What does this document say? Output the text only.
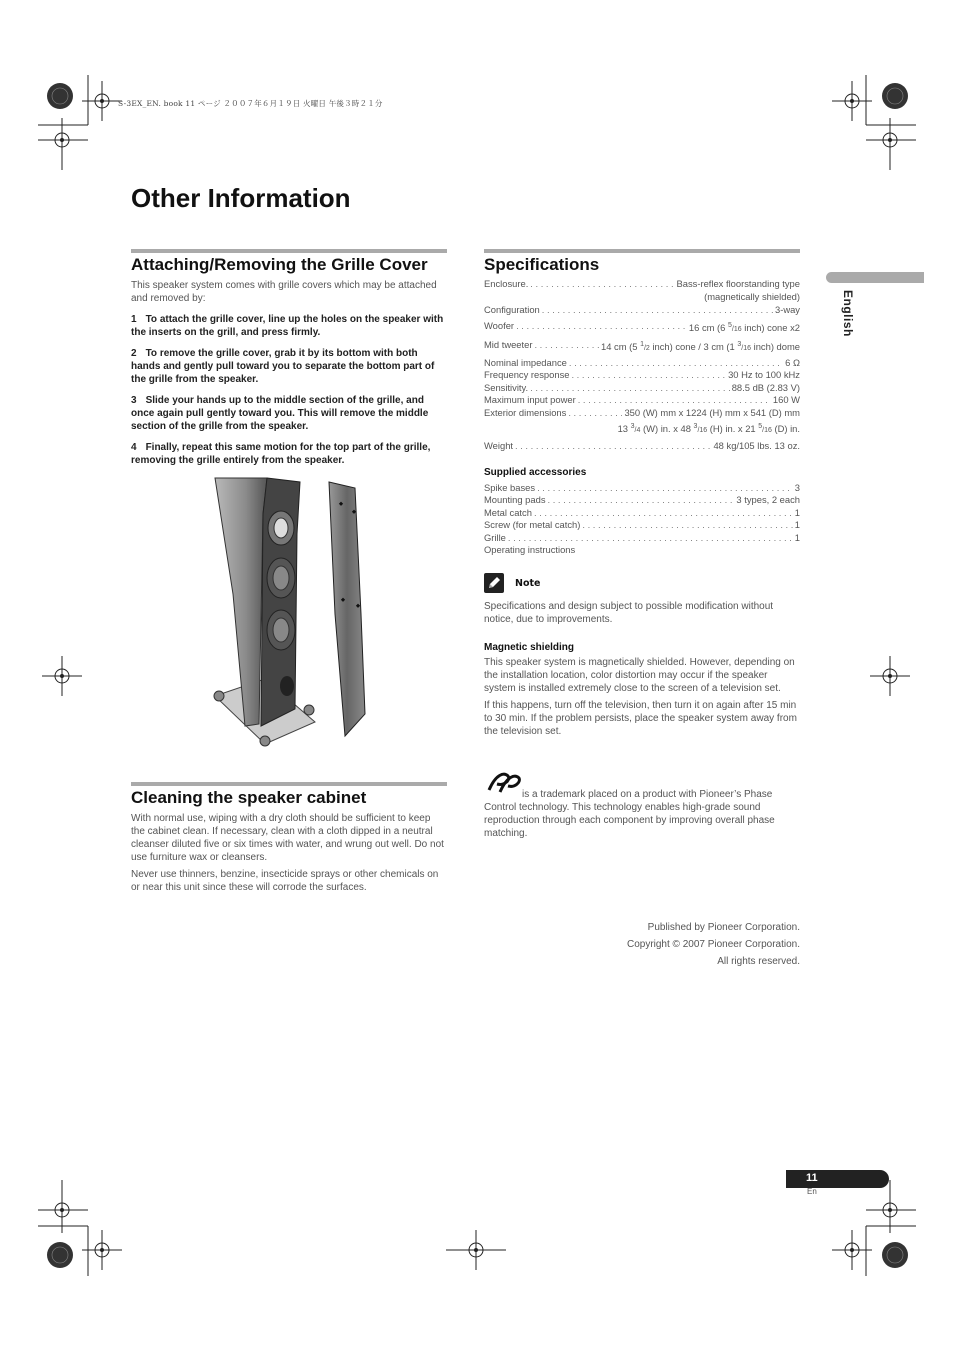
S-3EX_EN. book 11 ページ ２００７年６月１９日 火曜日 午後３時２１分
Other Information
Attaching/Removing the Grille Cover

This speaker system comes with grille covers which may be attached and removed by:

1 To attach the grille cover, line up the holes on the speaker with the inserts on the grill, and press firmly.

2 To remove the grille cover, grab it by its bottom with both hands and gently pull toward you to separate the bottom part of the grille from the speaker.

3 Slide your hands up to the middle section of the grille, and once again pull gently toward you. This will remove the middle section of the grille from the speaker.

4 Finally, repeat this same motion for the top part of the grille, removing the grille entirely from the speaker.

Cleaning the speaker cabinet

With normal use, wiping with a dry cloth should be sufficient to keep the cabinet clean. If necessary, clean with a cloth dipped in a neutral cleanser diluted five or six times with water, and wrung out well. Do not use furniture wax or cleansers.

Never use thinners, benzine, insecticide sprays or other chemicals on or near this unit since these will corrode the surfaces.

Specifications
Enclosure. . . .	Bass-reflex floorstanding type
(magnetically shielded)
Configuration . . .	3-way
Woofer . . .	16 cm (6 $^5$/16 inch) cone x2
Mid tweeter . . .	14 cm (5 $^1$/2 inch) cone / 3 cm (1 $^3$/16 inch) dome
Nominal impedance . . .	6 Ω
Frequency response . . .	30 Hz to 100 kHz
Sensitivity. . . .	88.5 dB (2.83 V)
Maximum input power . . .	160 W
Exterior dimensions . . .	350 (W) mm x 1224 (H) mm x 541 (D) mm
13 $^3$/4 (W) in. x 48 $^3$/16 (H) in. x 21 $^5$/16 (D) in.
Weight . . .	48 kg/105 lbs. 13 oz.
Supplied accessories
Spike bases . . .	3
Mounting pads . . .	3 types, 2 each
Metal catch . . .	1
Screw (for metal catch) . . .	1
Grille . . .	1
Operating instructions
Note

Specifications and design subject to possible modification without notice, due to improvements.

Magnetic shielding

This speaker system is magnetically shielded. However, depending on the installation location, color distortion may occur if the speaker system is installed extremely close to the screen of a television set.

If this happens, turn off the television, then turn it on again after 15 min to 30 min. If the problem persists, place the speaker system away from the television set.

is a trademark placed on a product with Pioneer’s Phase Control technology. This technology enables high-grade sound reproduction through each component by improving overall phase matching.

Published by Pioneer Corporation.
Copyright © 2007 Pioneer Corporation.
All rights reserved.
English
11
En
